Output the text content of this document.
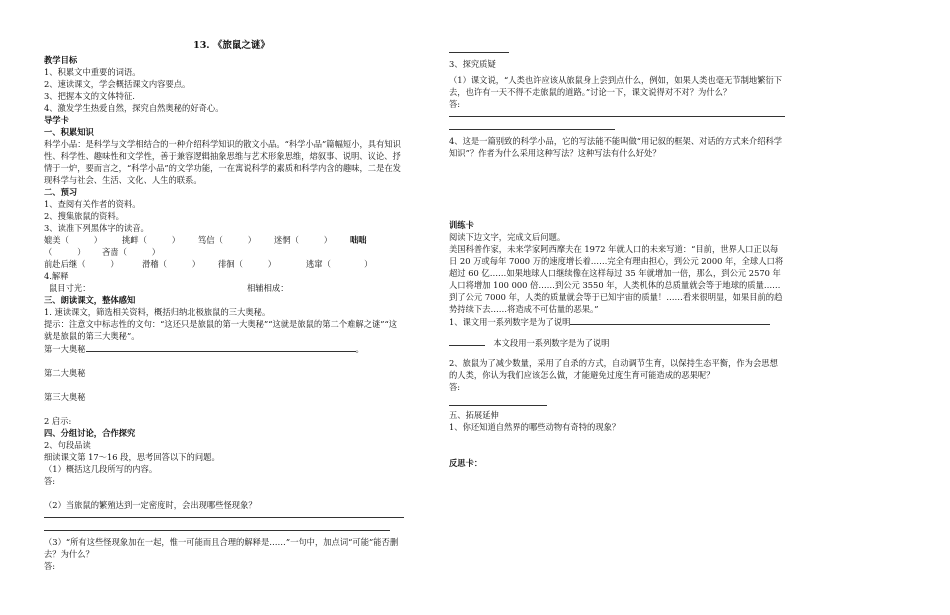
13. 《旅鼠之谜》
教学目标
1、积累文中重要的词语。
2、速读课文，学会概括课文内容要点。
3、把握本文的文体特征.
4、激发学生热爱自然，探究自然奥秘的好奇心。
导学卡
一、积累知识
科学小品：是科学与文学相结合的一种介绍科学知识的散文小品。“科学小品”篇幅短小，具有知识性、科学性、趣味性和文学性，善于兼容逻辑抽象思维与艺术形象思维，熔叙事、说明、议论、抒情于一炉，要而言之，“科学小品”的文学功能，一在寓说科学的素质和科学内含的趣味，二是在发现科学与社会、生活、文化、人生的联系。
二、预习
1、查阅有关作者的资料。
2、搜集旅鼠的资料。
3、读准下列黑体字的读音。
媲美（　　　） 挑衅（　　　） 笃信（　　　） 迷惘（　　　） 咄咄
（　　　） 吝啬（　　　）
前赴后继（　　　）	滑稽（　　　） 徘徊（　　　）	逃窜（　　　　）
4.解释
鼠目寸光：	相辅相成：
三、朗读课文，整体感知
1. 速读课文，筛选相关资料，概括归纳北极旅鼠的三大奥秘。
提示：注意文中标志性的文句：“这还只是旅鼠的第一大奥秘”“这就是旅鼠的第二个难解之谜”“这就是旅鼠的第三大奥秘”。
第一大奥秘	。
第二大奥秘
第三大奥秘
2 启示:
四、分组讨论，合作探究
2、句段品读
细读课文第 17～16 段，思考回答以下的问题。
（1）概括这几段所写的内容。
答:
（2）当旅鼠的繁殖达到一定密度时，会出现哪些怪现象？
（3）“所有这些怪现象加在一起，惟一可能而且合理的解释是……”一句中，加点词“可能”能否删去？为什么？
答:
3、探究质疑
（1）课文说，“人类也许应该从旅鼠身上尝到点什么，例如，如果人类也毫无节制地繁衍下去，也许有一天不得不走旅鼠的道路。”讨论一下，课文说得对不对？为什么？
答:
4、这是一篇别致的科学小品，它的写法能不能叫做“用记叙的框架、对话的方式来介绍科学知识”？作者为什么采用这种写法？这种写法有什么好处？
训练卡
阅读下边文字，完成文后问题。
美国科普作家，未来学家阿西摩夫在 1972 年就人口的未来写道：“目前，世界人口正以每日 20 万或每年 7000 万的速度增长着……完全有理由担心，到公元 2000 年，全球人口将超过 60 亿……如果地球人口继续像在这样每过 35 年就增加一倍，那么，到公元 2570 年人口将增加 100 000 倍……到公元 3550 年，人类机体的总质量就会等于地球的质量……到了公元 7000 年，人类的质量就会等于已知宇宙的质量！……看来很明显，如果目前的趋势持续下去……将造成不可估量的恶果。”
1、课文用一系列数字是为了说明
　本文段用一系列数字是为了说明
2、旅鼠为了减少数量，采用了自杀的方式，自动调节生育，以保持生态平衡，作为会思想的人类，你认为我们应该怎么做，才能避免过度生育可能造成的恶果呢？
答:
五、拓展延伸
1、你还知道自然界的哪些动物有奇特的现象？
反思卡：
